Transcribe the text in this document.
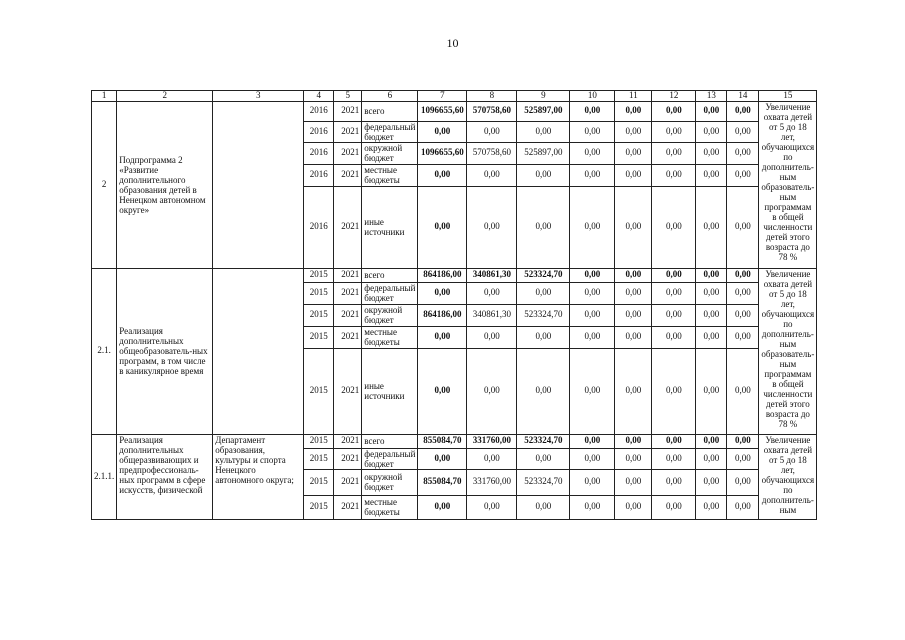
10
1	2	3	4	5	6	7	8	9	10	11	12	13	14	15
2	Подпрограмма 2 «Развитие дополнительного образования детей в Ненецком автономном округе»		2016	2021	всего	1096655,60	570758,60	525897,00	0,00	0,00	0,00	0,00	0,00	Увеличение охвата детей от 5 до 18 лет, обучающихся по дополнитель-ным образователь-ным программам в общей численности детей этого возраста до 78 %
			2016	2021	федеральный бюджет	0,00	0,00	0,00	0,00	0,00	0,00	0,00	0,00	
			2016	2021	окружной бюджет	1096655,60	570758,60	525897,00	0,00	0,00	0,00	0,00	0,00	
			2016	2021	местные бюджеты	0,00	0,00	0,00	0,00	0,00	0,00	0,00	0,00	
			2016	2021	иные источники	0,00	0,00	0,00	0,00	0,00	0,00	0,00	0,00	
2.1.	Реализация дополнительных общеобразователь-ных программ, в том числе в каникулярное время		2015	2021	всего	864186,00	340861,30	523324,70	0,00	0,00	0,00	0,00	0,00	Увеличение охвата детей от 5 до 18 лет, обучающихся по дополнитель-ным образователь-ным программам в общей численности детей этого возраста до 78 %
			2015	2021	федеральный бюджет	0,00	0,00	0,00	0,00	0,00	0,00	0,00	0,00	
			2015	2021	окружной бюджет	864186,00	340861,30	523324,70	0,00	0,00	0,00	0,00	0,00	
			2015	2021	местные бюджеты	0,00	0,00	0,00	0,00	0,00	0,00	0,00	0,00	
			2015	2021	иные источники	0,00	0,00	0,00	0,00	0,00	0,00	0,00	0,00	
2.1.1.	Реализация дополнительных общеразвивающих и предпрофессиональ-ных программ в сфере искусств, физической	Департамент образования, культуры и спорта Ненецкого автономного округа;	2015	2021	всего	855084,70	331760,00	523324,70	0,00	0,00	0,00	0,00	0,00	Увеличение охвата детей от 5 до 18 лет, обучающихся по дополнитель-ным
			2015	2021	федеральный бюджет	0,00	0,00	0,00	0,00	0,00	0,00	0,00	0,00	
			2015	2021	окружной бюджет	855084,70	331760,00	523324,70	0,00	0,00	0,00	0,00	0,00	
			2015	2021	местные бюджеты	0,00	0,00	0,00	0,00	0,00	0,00	0,00	0,00	
